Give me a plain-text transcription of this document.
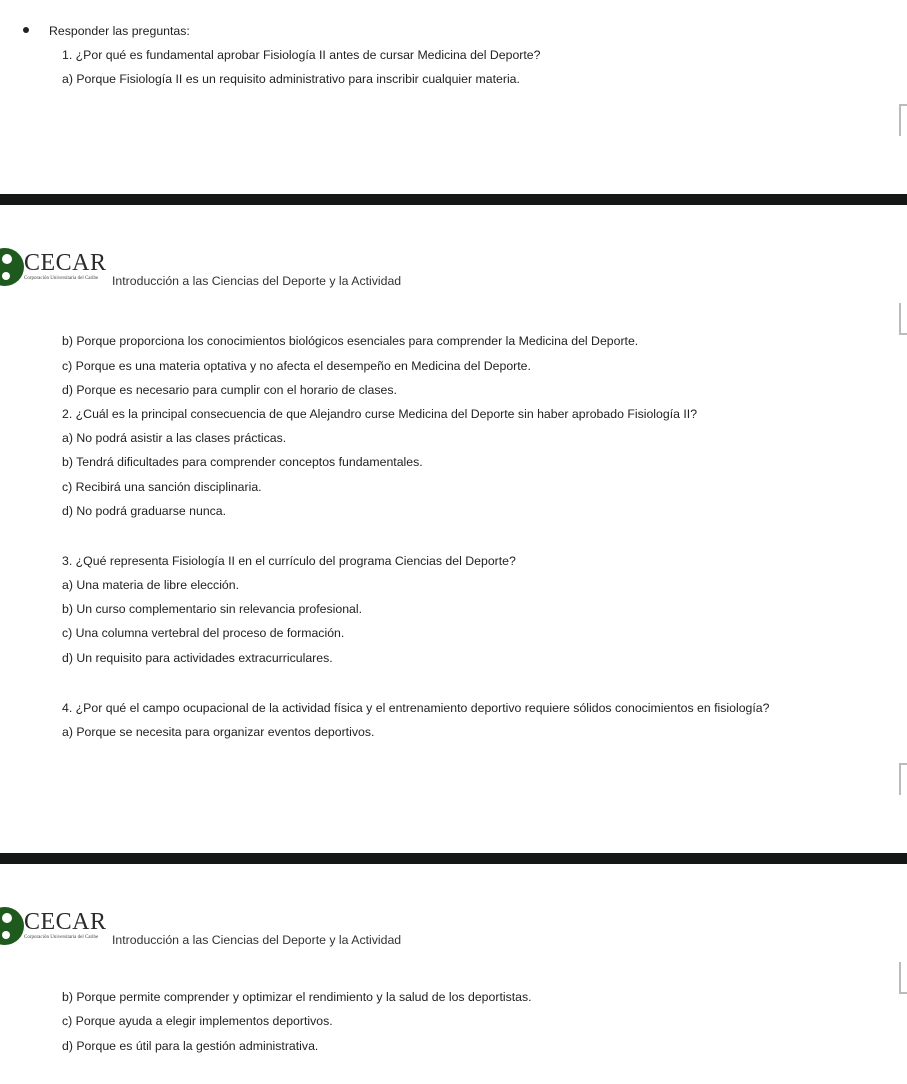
Responder las preguntas:
1. ¿Por qué es fundamental aprobar Fisiología II antes de cursar Medicina del Deporte?
a) Porque Fisiología II es un requisito administrativo para inscribir cualquier materia.
CECAR
Corporación Universitaria del Caribe Introducción a las Ciencias del Deporte y la Actividad
b) Porque proporciona los conocimientos biológicos esenciales para comprender la Medicina del Deporte.
c) Porque es una materia optativa y no afecta el desempeño en Medicina del Deporte.
d) Porque es necesario para cumplir con el horario de clases.
2. ¿Cuál es la principal consecuencia de que Alejandro curse Medicina del Deporte sin haber aprobado Fisiología II?
a) No podrá asistir a las clases prácticas.
b) Tendrá dificultades para comprender conceptos fundamentales.
c) Recibirá una sanción disciplinaria.
d) No podrá graduarse nunca.
3. ¿Qué representa Fisiología II en el currículo del programa Ciencias del Deporte?
a) Una materia de libre elección.
b) Un curso complementario sin relevancia profesional.
c) Una columna vertebral del proceso de formación.
d) Un requisito para actividades extracurriculares.
4. ¿Por qué el campo ocupacional de la actividad física y el entrenamiento deportivo requiere sólidos conocimientos en fisiología?
a) Porque se necesita para organizar eventos deportivos.
CECAR
Corporación Universitaria del Caribe Introducción a las Ciencias del Deporte y la Actividad
b) Porque permite comprender y optimizar el rendimiento y la salud de los deportistas.
c) Porque ayuda a elegir implementos deportivos.
d) Porque es útil para la gestión administrativa.
